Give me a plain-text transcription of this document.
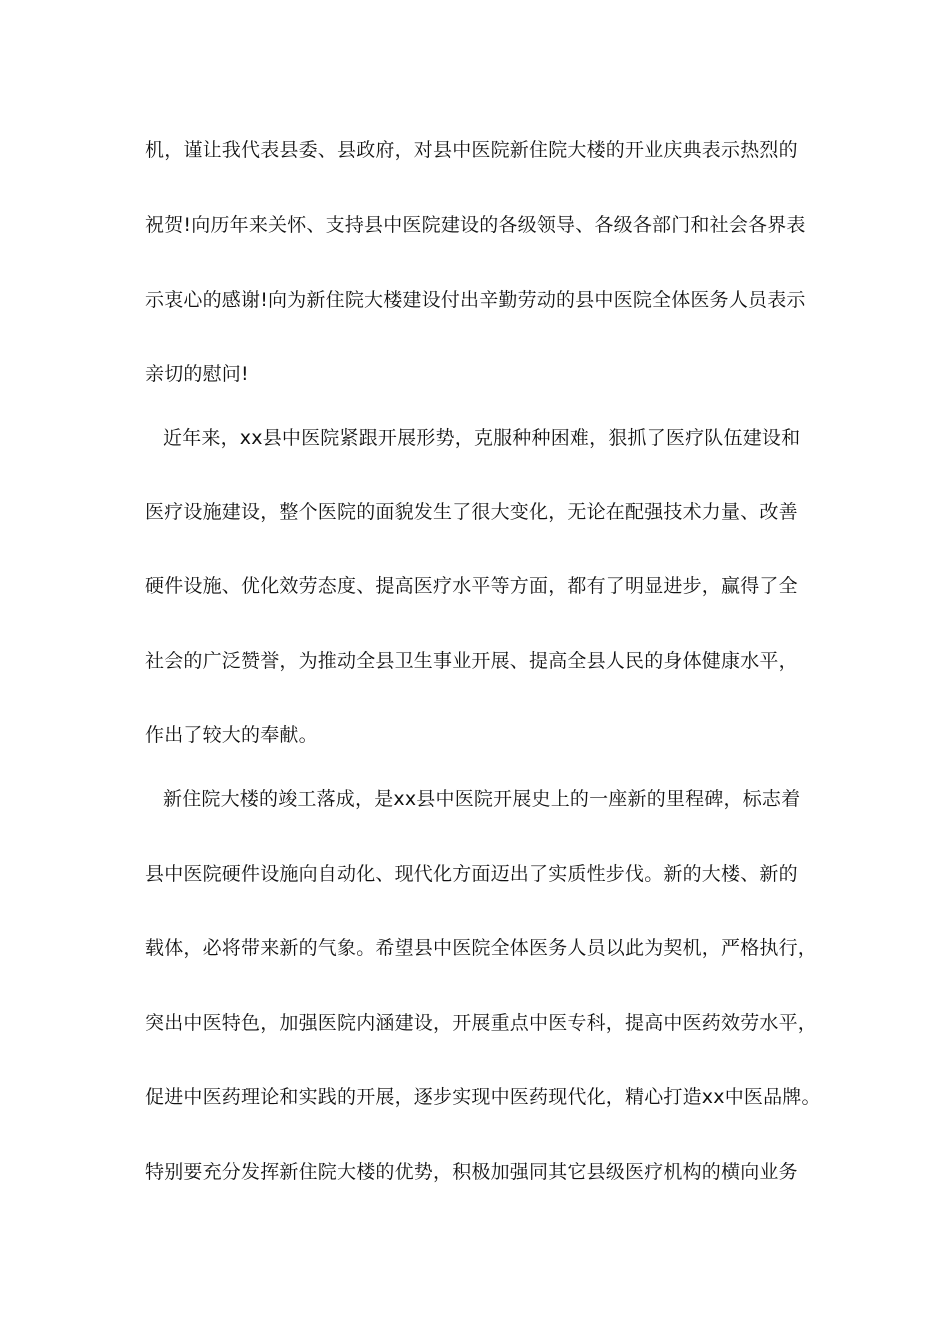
机，谨让我代表县委、县政府，对县中医院新住院大楼的开业庆典表示热烈的
祝贺!向历年来关怀、支持县中医院建设的各级领导、各级各部门和社会各界表
示衷心的感谢!向为新住院大楼建设付出辛勤劳动的县中医院全体医务人员表示
亲切的慰问!
近年来，xx县中医院紧跟开展形势，克服种种困难，狠抓了医疗队伍建设和
医疗设施建设，整个医院的面貌发生了很大变化，无论在配强技术力量、改善
硬件设施、优化效劳态度、提高医疗水平等方面，都有了明显进步，赢得了全
社会的广泛赞誉，为推动全县卫生事业开展、提高全县人民的身体健康水平，
作出了较大的奉献。
新住院大楼的竣工落成，是xx县中医院开展史上的一座新的里程碑，标志着
县中医院硬件设施向自动化、现代化方面迈出了实质性步伐。新的大楼、新的
载体，必将带来新的气象。希望县中医院全体医务人员以此为契机，严格执行，
突出中医特色，加强医院内涵建设，开展重点中医专科，提高中医药效劳水平，
促进中医药理论和实践的开展，逐步实现中医药现代化，精心打造xx中医品牌。
特别要充分发挥新住院大楼的优势，积极加强同其它县级医疗机构的横向业务
